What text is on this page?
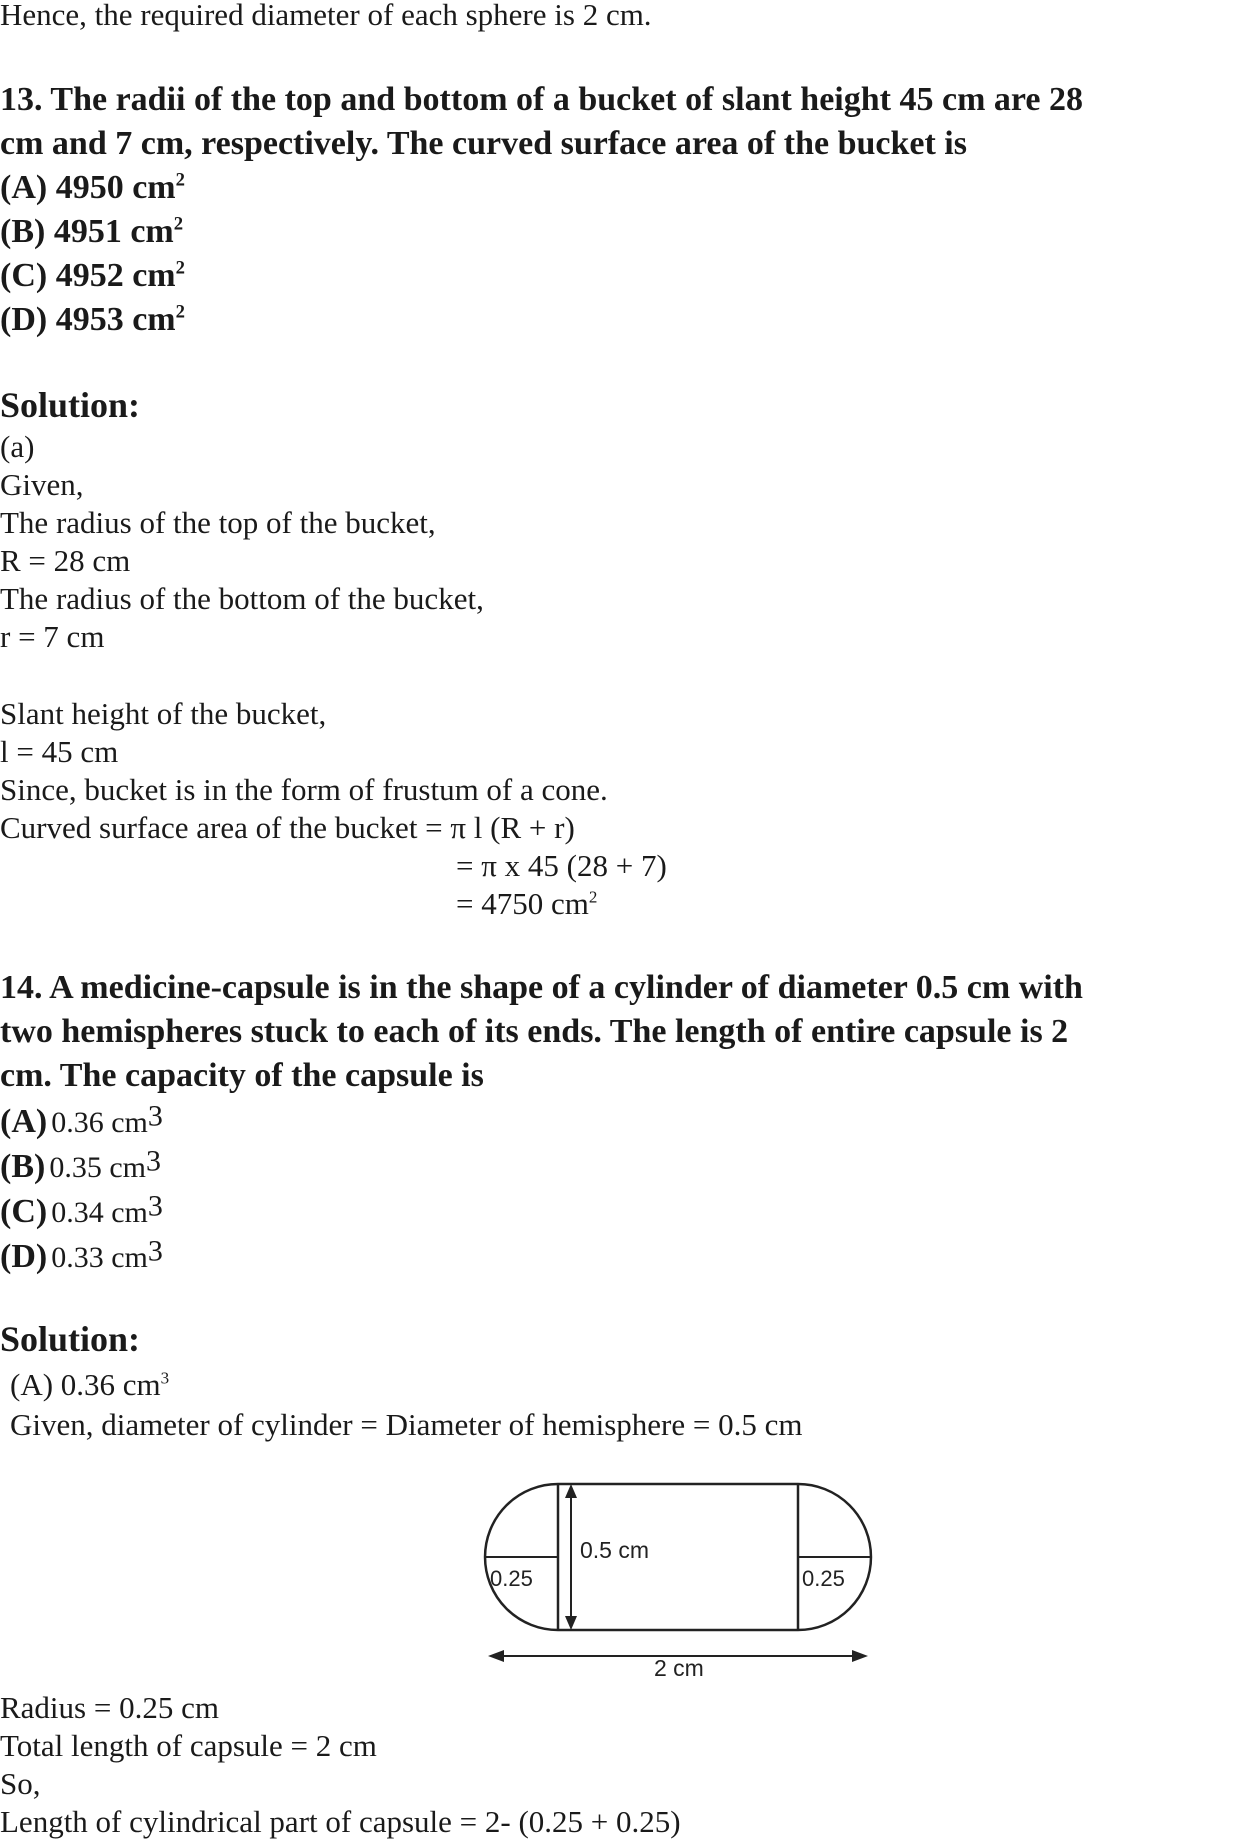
Hence, the required diameter of each sphere is 2 cm.
13. The radii of the top and bottom of a bucket of slant height 45 cm are 28
cm and 7 cm, respectively. The curved surface area of the bucket is
(A) 4950 $cm^2$
(B) 4951 $cm^2$
(C) 4952 $cm^2$
(D) 4953 $cm^2$
Solution:
(a)
Given,
The radius of the top of the bucket,
R = 28 cm
The radius of the bottom of the bucket,
r = 7 cm
Slant height of the bucket,
l = 45 cm
Since, bucket is in the form of frustum of a cone.
Curved surface area of the bucket = π l (R + r)
= π x 45 (28 + 7)
= 4750 $cm^2$
14. A medicine-capsule is in the shape of a cylinder of diameter 0.5 cm with
two hemispheres stuck to each of its ends. The length of entire capsule is 2
cm. The capacity of the capsule is
(A) 0.36 $cm^3$
(B) 0.35 $cm^3$
(C) 0.34 $cm^3$
(D) 0.33 $cm^3$
Solution:
(A) 0.36 $cm^3$
Given, diameter of cylinder = Diameter of hemisphere = 0.5 cm
0.25	0.25
0.5 cm
2 cm
Radius = 0.25 cm
Total length of capsule = 2 cm
So,
Length of cylindrical part of capsule = 2- (0.25 + 0.25)
